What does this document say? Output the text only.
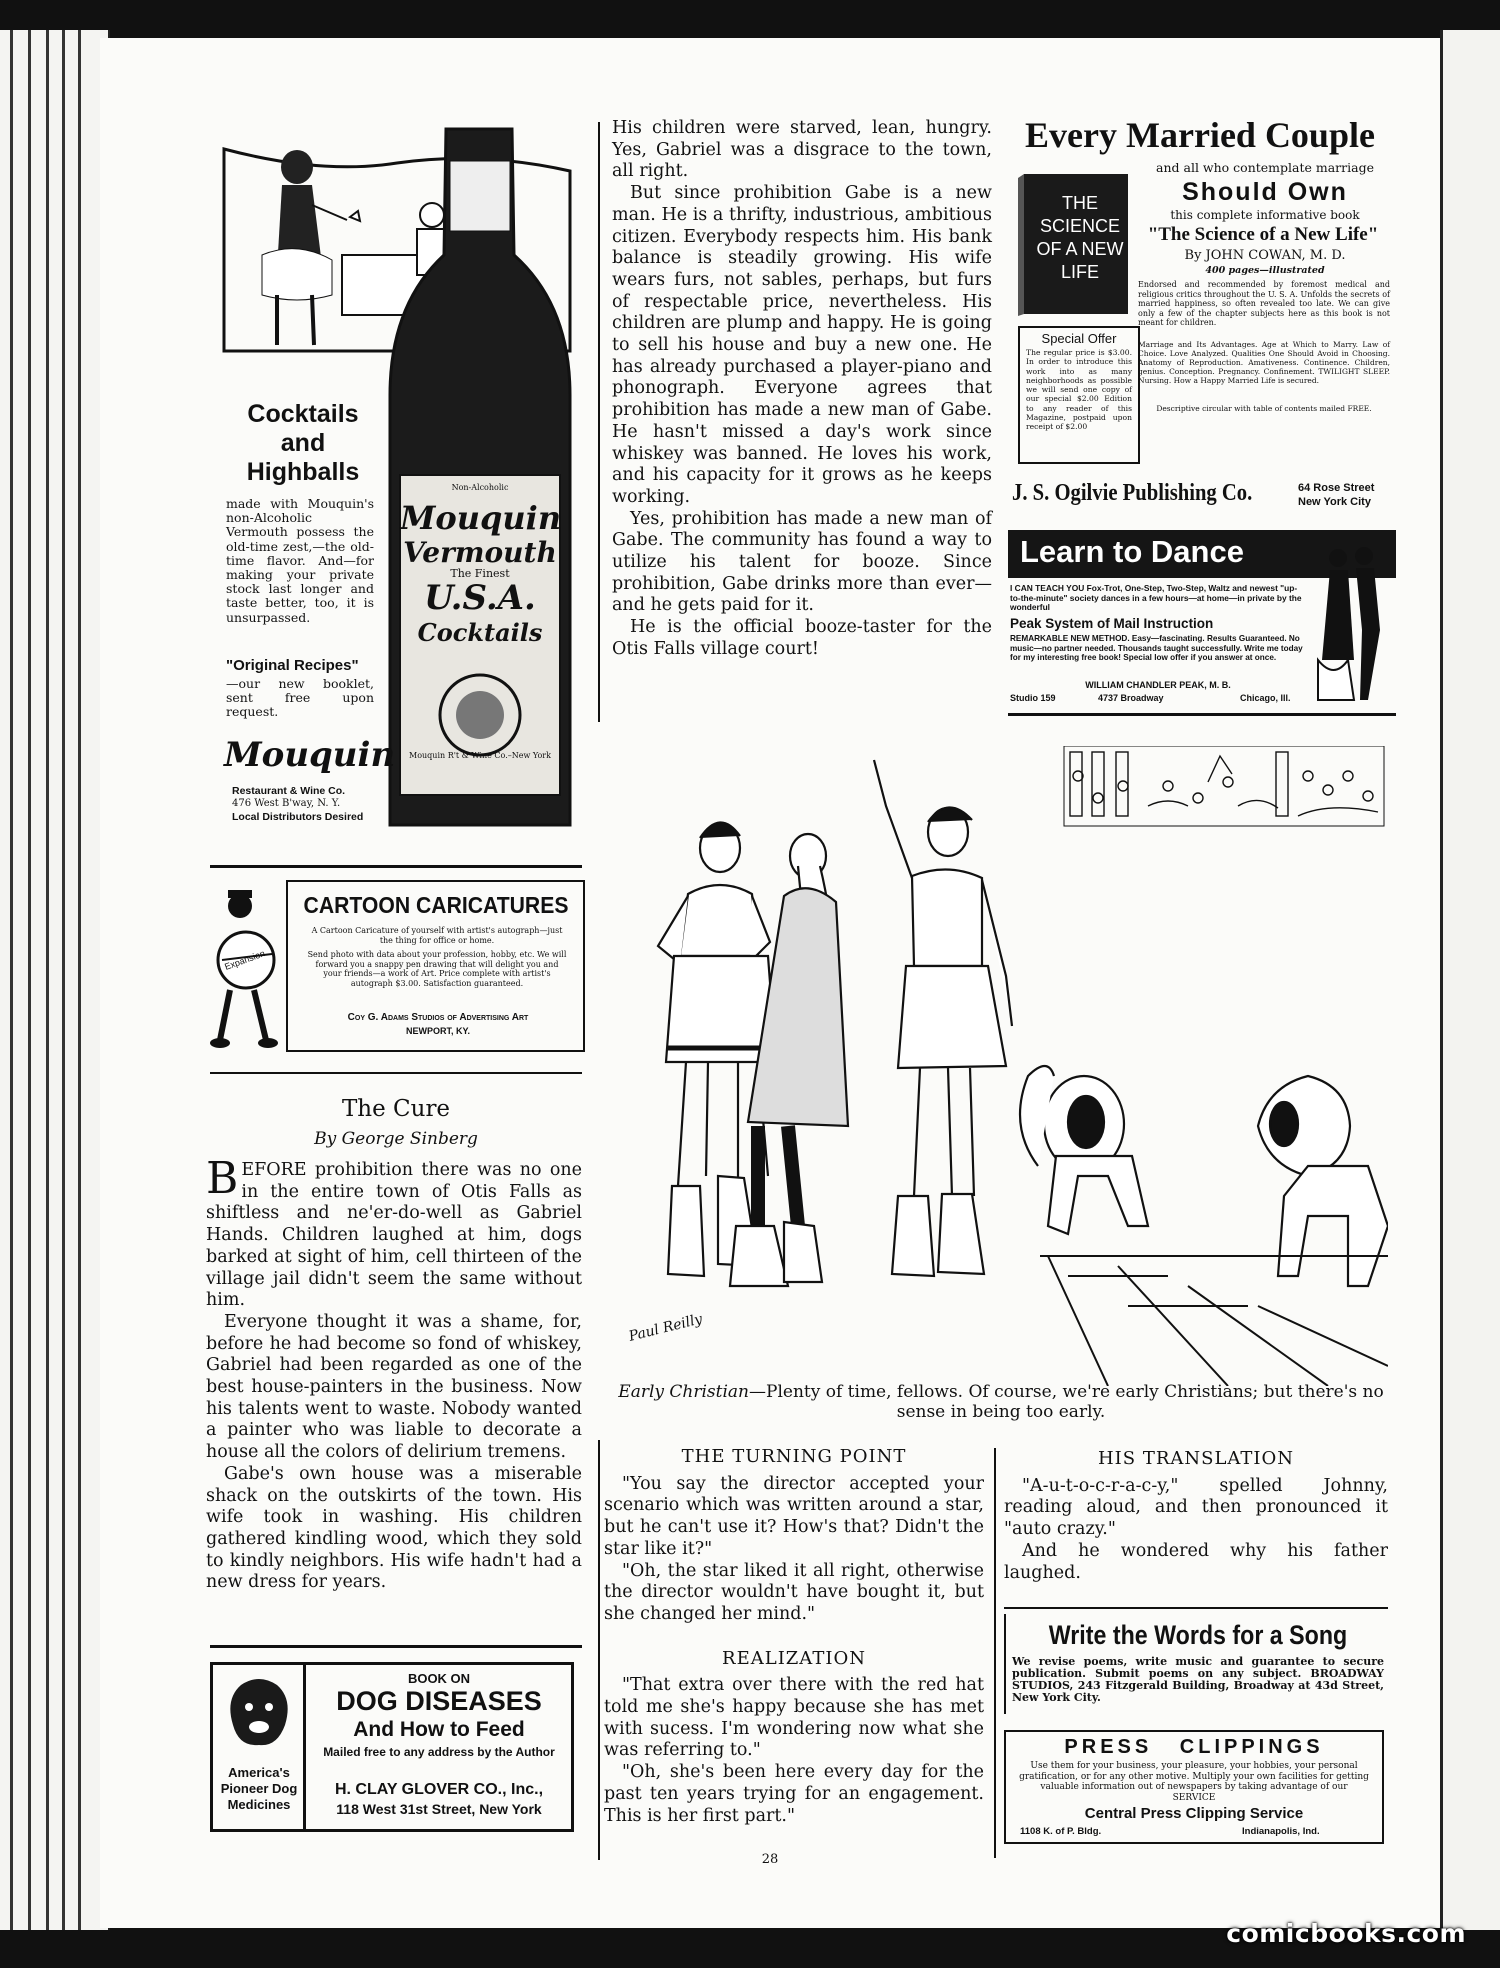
Non-Alcoholic
Mouquin
Vermouth
The Finest
U.S.A.
Cocktails
Mouquin R't & Wine Co.–New York
Cocktails and Highballs
made with Mouquin's non-Alcoholic Vermouth possess the old-time zest,—the old-time flavor. And—for making your private stock last longer and taste better, too, it is unsurpassed.
"Original Recipes"
—our new booklet, sent free upon request.
Mouquin
Restaurant & Wine Co.
476 West B'way, N. Y.
Local Distributors Desired
Expansion
CARTOON CARICATURES
A Cartoon Caricature of yourself with artist's autograph—just the thing for office or home.
Send photo with data about your profession, hobby, etc. We will forward you a snappy pen drawing that will delight you and your friends—a work of Art. Price complete with artist's autograph $3.00. Satisfaction guaranteed.
Coy G. Adams Studios of Advertising Art
NEWPORT, KY.
The Cure
By George Sinberg

BEFORE prohibition there was no one in the entire town of Otis Falls as shiftless and ne'er-do-well as Gabriel Hands. Children laughed at him, dogs barked at sight of him, cell thirteen of the village jail didn't seem the same without him.

Everyone thought it was a shame, for, before he had become so fond of whiskey, Gabriel had been regarded as one of the best house-painters in the business. Now his talents went to waste. Nobody wanted a painter who was liable to decorate a house all the colors of delirium tremens.

Gabe's own house was a miserable shack on the outskirts of the town. His wife took in washing. His children gathered kindling wood, which they sold to kindly neighbors. His wife hadn't had a new dress for years.

America's Pioneer Dog Medicines
BOOK ON
DOG DISEASES
And How to Feed
Mailed free to any address by the Author
H. CLAY GLOVER CO., Inc.,
118 West 31st Street, New York

His children were starved, lean, hungry. Yes, Gabriel was a disgrace to the town, all right.

But since prohibition Gabe is a new man. He is a thrifty, industrious, ambitious citizen. Everybody respects him. His bank balance is steadily growing. His wife wears furs, not sables, perhaps, but furs of respectable price, nevertheless. His children are plump and happy. He is going to sell his house and buy a new one. He has already purchased a player-piano and phonograph. Everyone agrees that prohibition has made a new man of Gabe. He hasn't missed a day's work since whiskey was banned. He loves his work, and his capacity for it grows as he keeps working.

Yes, prohibition has made a new man of Gabe. The community has found a way to utilize his talent for booze. Since prohibition, Gabe drinks more than ever—and he gets paid for it.

He is the official booze-taster for the Otis Falls village court!

Every Married Couple
THE SCIENCE OF A NEW LIFE
and all who contemplate marriage
Should Own
this complete informative book
"The Science of a New Life"
By JOHN COWAN, M. D.
400 pages—illustrated
Endorsed and recommended by foremost medical and religious critics throughout the U. S. A. Unfolds the secrets of married happiness, so often revealed too late. We can give only a few of the chapter subjects here as this book is not meant for children.
Marriage and Its Advantages. Age at Which to Marry. Law of Choice. Love Analyzed. Qualities One Should Avoid in Choosing. Anatomy of Reproduction. Amativeness. Continence. Children, genius. Conception. Pregnancy. Confinement. TWILIGHT SLEEP. Nursing. How a Happy Married Life is secured.
Descriptive circular with table of contents mailed FREE.
Special Offer
The regular price is $3.00. In order to introduce this work into as many neighborhoods as possible we will send one copy of our special $2.00 Edition to any reader of this Magazine, postpaid upon receipt of $2.00
J. S. Ogilvie Publishing Co.	64 Rose Street
New York City
Learn to Dance
I CAN TEACH YOU Fox-Trot, One-Step, Two-Step, Waltz and newest "up-to-the-minute" society dances in a few hours—at home—in private by the wonderful
Peak System of Mail Instruction
REMARKABLE NEW METHOD. Easy—fascinating. Results Guaranteed. No music—no partner needed. Thousands taught successfully. Write me today for my interesting free book! Special low offer if you answer at once.
WILLIAM CHANDLER PEAK, M. B.
Studio 159	4737 Broadway	Chicago, Ill.
Paul Reilly
Early Christian—Plenty of time, fellows. Of course, we're early Christians; but there's no sense in being too early.
THE TURNING POINT

"You say the director accepted your scenario which was written around a star, but he can't use it? How's that? Didn't the star like it?"

"Oh, the star liked it all right, otherwise the director wouldn't have bought it, but she changed her mind."

REALIZATION

"That extra over there with the red hat told me she's happy because she has met with sucess. I'm wondering now what she was referring to."

"Oh, she's been here every day for the past ten years trying for an engagement. This is her first part."

HIS TRANSLATION

"A-u-t-o-c-r-a-c-y," spelled Johnny, reading aloud, and then pronounced it "auto crazy."

And he wondered why his father laughed.

Write the Words for a Song
We revise poems, write music and guarantee to secure publication. Submit poems on any subject. BROADWAY STUDIOS, 243 Fitzgerald Building, Broadway at 43d Street, New York City.
PRESS CLIPPINGS
Use them for your business, your pleasure, your hobbies, your personal gratification, or for any other motive. Multiply your own facilities for getting valuable information out of newspapers by taking advantage of our SERVICE
Central Press Clipping Service
1108 K. of P. Bldg.	Indianapolis, Ind.
28
comicbooks.com
